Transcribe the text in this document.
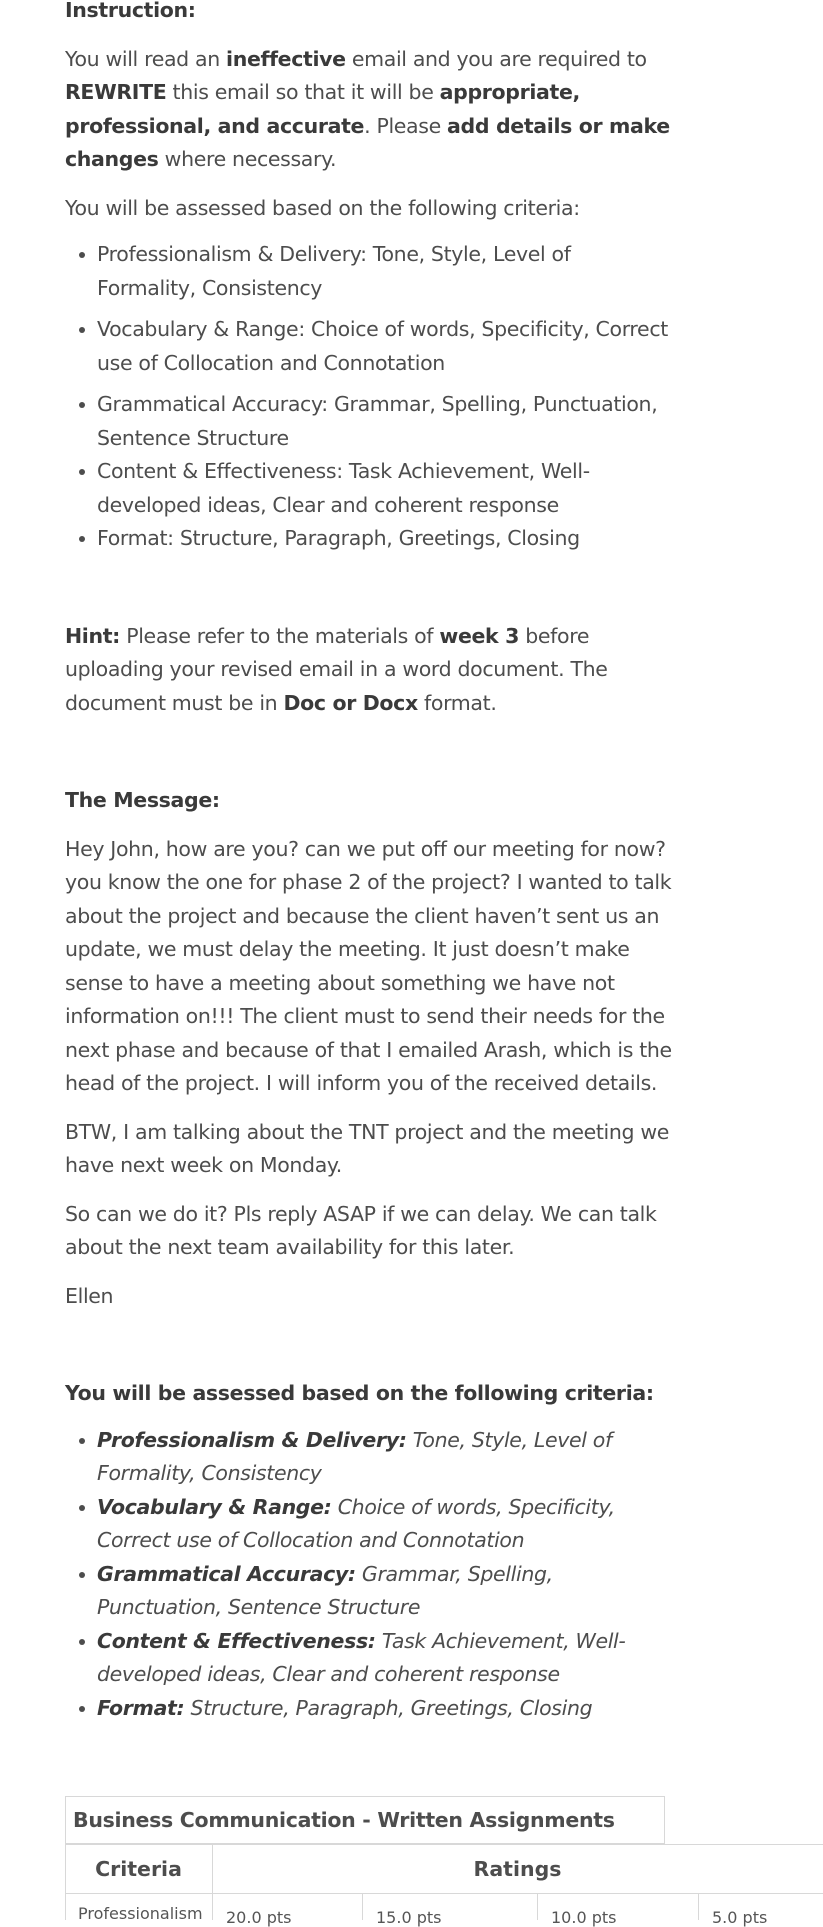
Instruction:

You will read an ineffective email and you are required to REWRITE this email so that it will be appropriate, professional, and accurate. Please add details or make changes where necessary.

You will be assessed based on the following criteria:

Professionalism & Delivery: Tone, Style, Level of Formality, Consistency
Vocabulary & Range: Choice of words, Specificity, Correct use of Collocation and Connotation
Grammatical Accuracy: Grammar, Spelling, Punctuation, Sentence Structure
Content & Effectiveness: Task Achievement, Well-developed ideas, Clear and coherent response
Format: Structure, Paragraph, Greetings, Closing

Hint: Please refer to the materials of week 3 before uploading your revised email in a word document. The document must be in Doc or Docx format.

The Message:

Hey John, how are you? can we put off our meeting for now? you know the one for phase 2 of the project? I wanted to talk about the project and because the client haven’t sent us an update, we must delay the meeting. It just doesn’t make sense to have a meeting about something we have not information on!!! The client must to send their needs for the next phase and because of that I emailed Arash, which is the head of the project. I will inform you of the received details.

BTW, I am talking about the TNT project and the meeting we have next week on Monday.

So can we do it? Pls reply ASAP if we can delay. We can talk about the next team availability for this later.

Ellen

You will be assessed based on the following criteria:

Professionalism & Delivery: Tone, Style, Level of Formality, Consistency
Vocabulary & Range: Choice of words, Specificity, Correct use of Collocation and Connotation
Grammatical Accuracy: Grammar, Spelling, Punctuation, Sentence Structure
Content & Effectiveness: Task Achievement, Well-developed ideas, Clear and coherent response
Format: Structure, Paragraph, Greetings, Closing
Business Communication - Written Assignments
Criteria	Ratings
Professionalism 20.0 pts	15.0 pts	10.0 pts	5.0 pts
